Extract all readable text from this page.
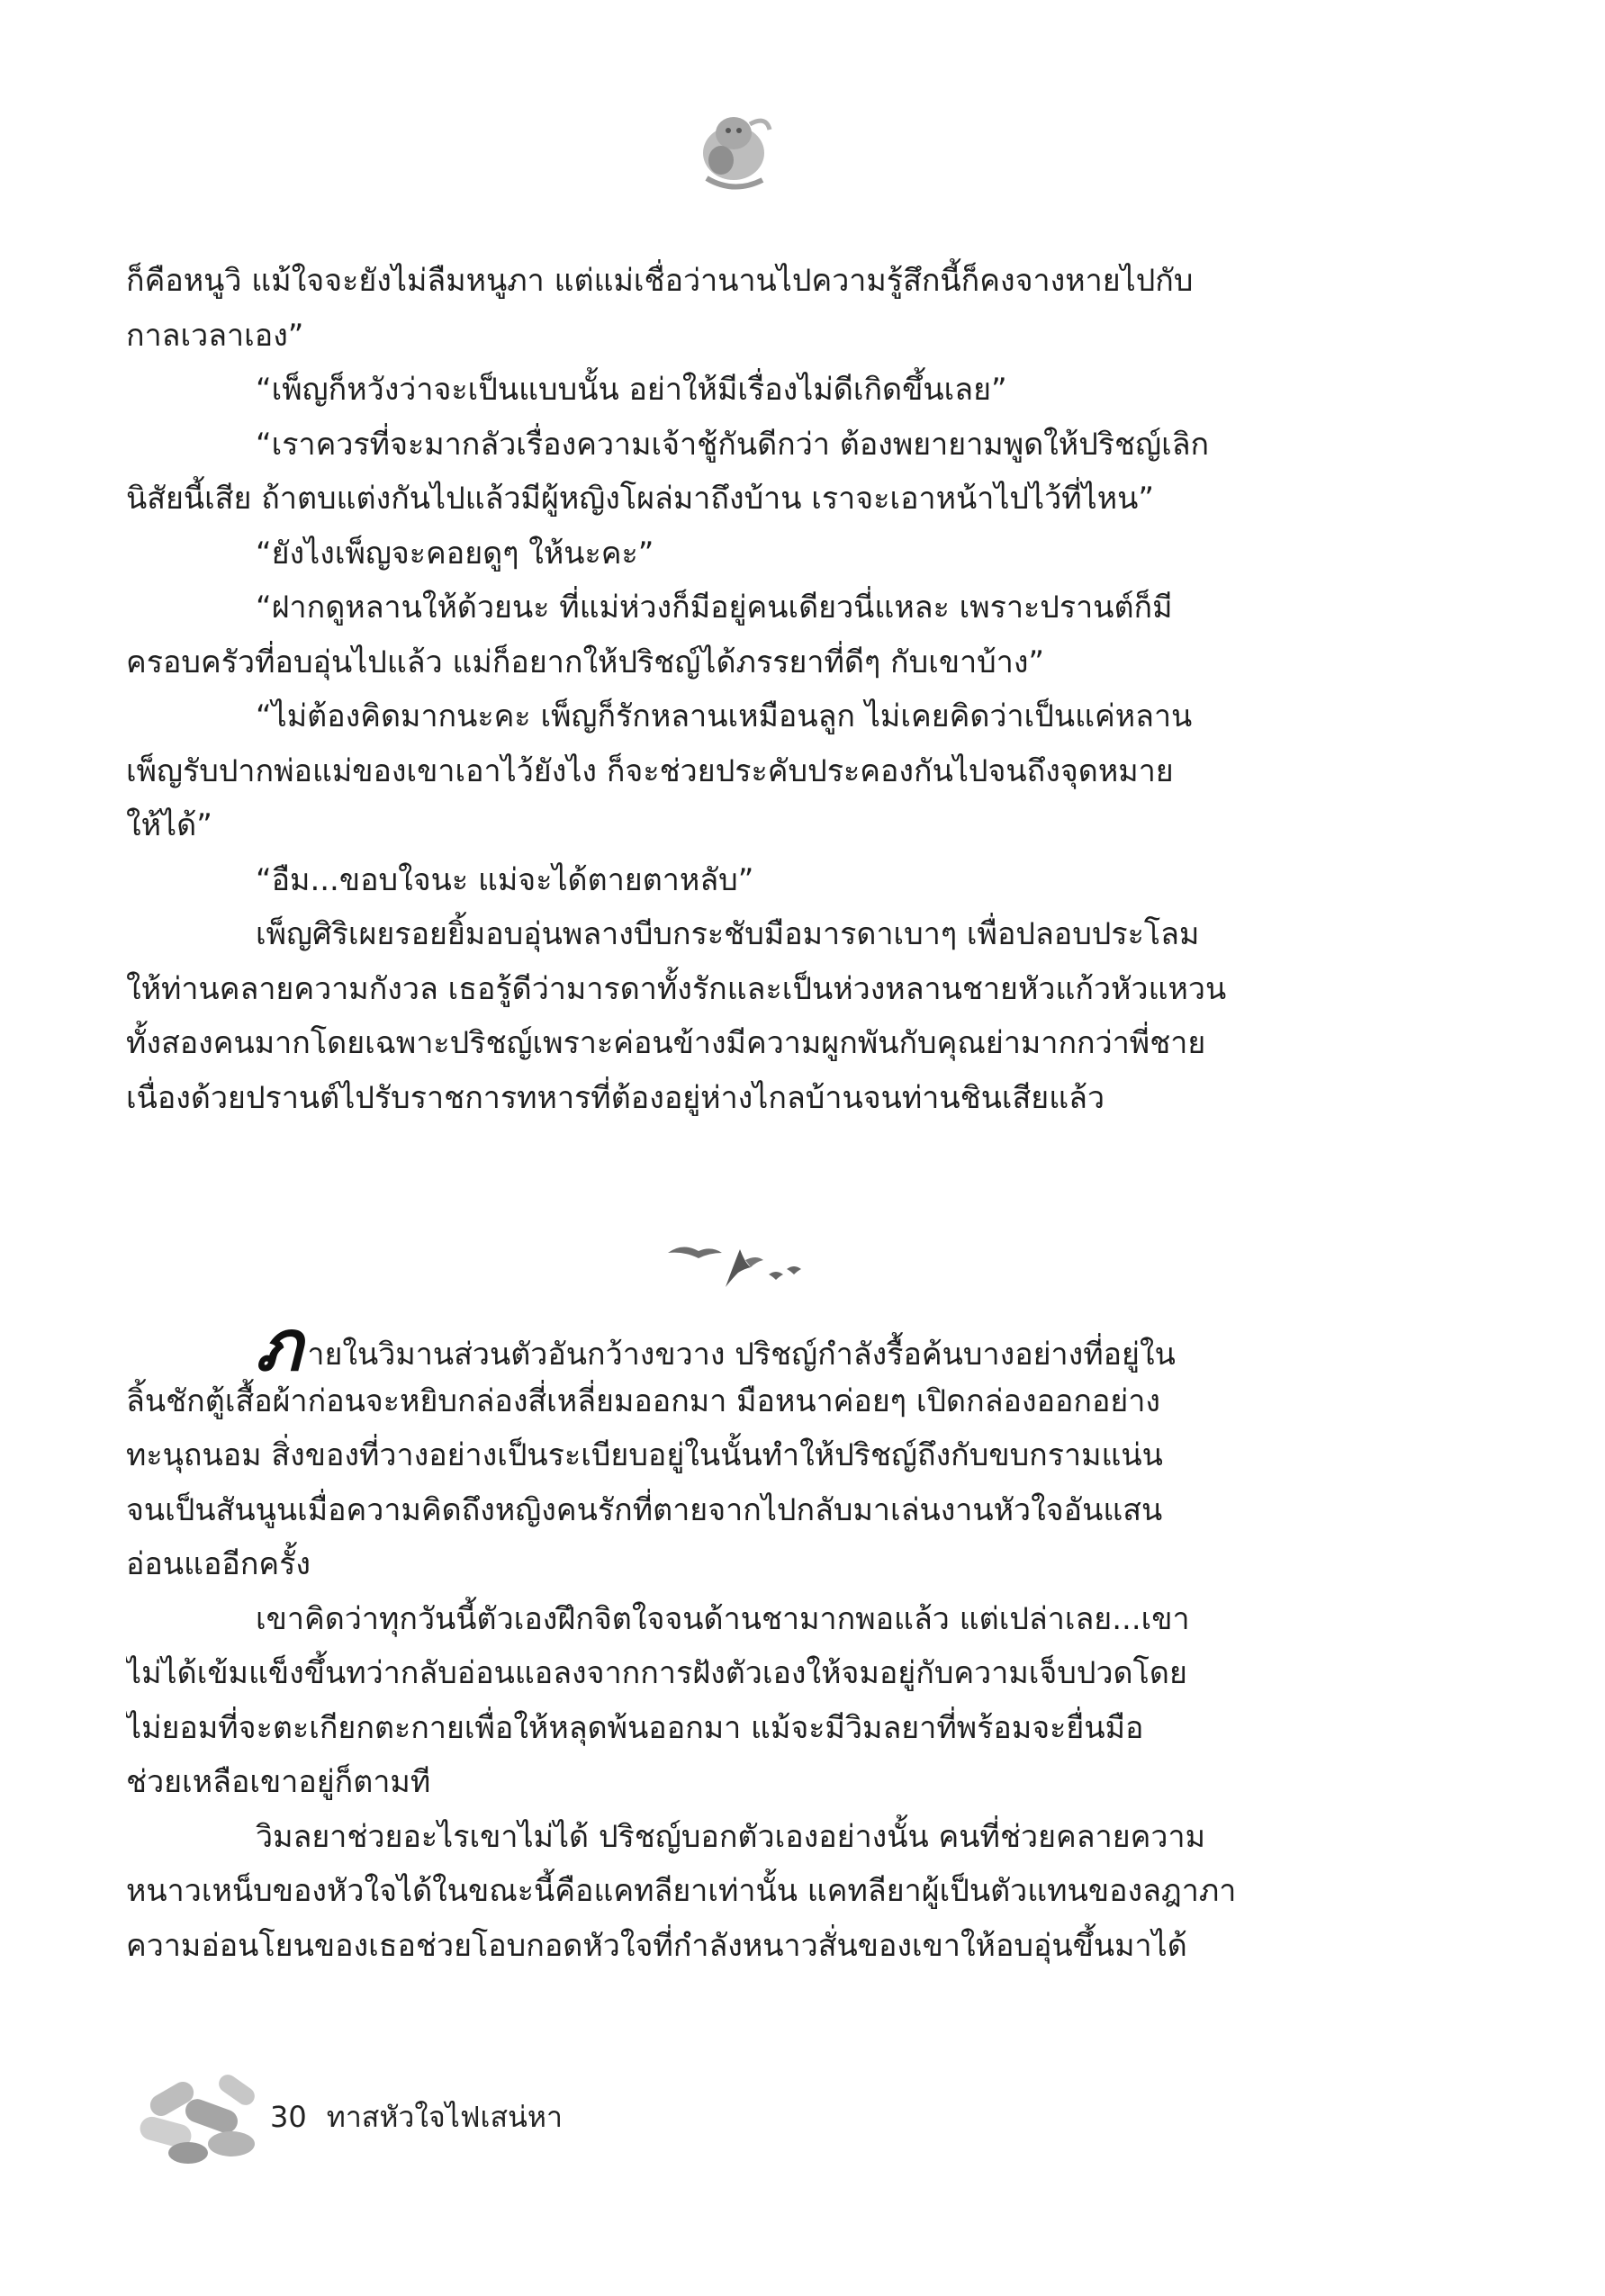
ก็คือหนูวิ แม้ใจจะยังไม่ลืมหนูภา แต่แม่เชื่อว่านานไปความรู้สึกนี้ก็คงจางหายไปกับ
กาลเวลาเอง”
“เพ็ญก็หวังว่าจะเป็นแบบนั้น อย่าให้มีเรื่องไม่ดีเกิดขึ้นเลย”
“เราควรที่จะมากลัวเรื่องความเจ้าชู้กันดีกว่า ต้องพยายามพูดให้ปริชญ์เลิก
นิสัยนี้เสีย ถ้าตบแต่งกันไปแล้วมีผู้หญิงโผล่มาถึงบ้าน เราจะเอาหน้าไปไว้ที่ไหน”
“ยังไงเพ็ญจะคอยดูๆ ให้นะคะ”
“ฝากดูหลานให้ด้วยนะ ที่แม่ห่วงก็มีอยู่คนเดียวนี่แหละ เพราะปรานต์ก็มี
ครอบครัวที่อบอุ่นไปแล้ว แม่ก็อยากให้ปริชญ์ได้ภรรยาที่ดีๆ กับเขาบ้าง”
“ไม่ต้องคิดมากนะคะ เพ็ญก็รักหลานเหมือนลูก ไม่เคยคิดว่าเป็นแค่หลาน
เพ็ญรับปากพ่อแม่ของเขาเอาไว้ยังไง ก็จะช่วยประคับประคองกันไปจนถึงจุดหมาย
ให้ได้”
“อืม...ขอบใจนะ แม่จะได้ตายตาหลับ”
เพ็ญศิริเผยรอยยิ้มอบอุ่นพลางบีบกระชับมือมารดาเบาๆ เพื่อปลอบประโลม
ให้ท่านคลายความกังวล เธอรู้ดีว่ามารดาทั้งรักและเป็นห่วงหลานชายหัวแก้วหัวแหวน
ทั้งสองคนมากโดยเฉพาะปริชญ์เพราะค่อนข้างมีความผูกพันกับคุณย่ามากกว่าพี่ชาย
เนื่องด้วยปรานต์ไปรับราชการทหารที่ต้องอยู่ห่างไกลบ้านจนท่านชินเสียแล้ว
ภายในวิมานส่วนตัวอันกว้างขวาง ปริชญ์กำลังรื้อค้นบางอย่างที่อยู่ใน
ลิ้นชักตู้เสื้อผ้าก่อนจะหยิบกล่องสี่เหลี่ยมออกมา มือหนาค่อยๆ เปิดกล่องออกอย่าง
ทะนุถนอม สิ่งของที่วางอย่างเป็นระเบียบอยู่ในนั้นทำให้ปริชญ์ถึงกับขบกรามแน่น
จนเป็นสันนูนเมื่อความคิดถึงหญิงคนรักที่ตายจากไปกลับมาเล่นงานหัวใจอันแสน
อ่อนแออีกครั้ง
เขาคิดว่าทุกวันนี้ตัวเองฝึกจิตใจจนด้านชามากพอแล้ว แต่เปล่าเลย...เขา
ไม่ได้เข้มแข็งขึ้นทว่ากลับอ่อนแอลงจากการฝังตัวเองให้จมอยู่กับความเจ็บปวดโดย
ไม่ยอมที่จะตะเกียกตะกายเพื่อให้หลุดพ้นออกมา แม้จะมีวิมลยาที่พร้อมจะยื่นมือ
ช่วยเหลือเขาอยู่ก็ตามที
วิมลยาช่วยอะไรเขาไม่ได้ ปริชญ์บอกตัวเองอย่างนั้น คนที่ช่วยคลายความ
หนาวเหน็บของหัวใจได้ในขณะนี้คือแคทลียาเท่านั้น แคทลียาผู้เป็นตัวแทนของลฎาภา
ความอ่อนโยนของเธอช่วยโอบกอดหัวใจที่กำลังหนาวสั่นของเขาให้อบอุ่นขึ้นมาได้
30 ทาสหัวใจไฟเสน่หา
